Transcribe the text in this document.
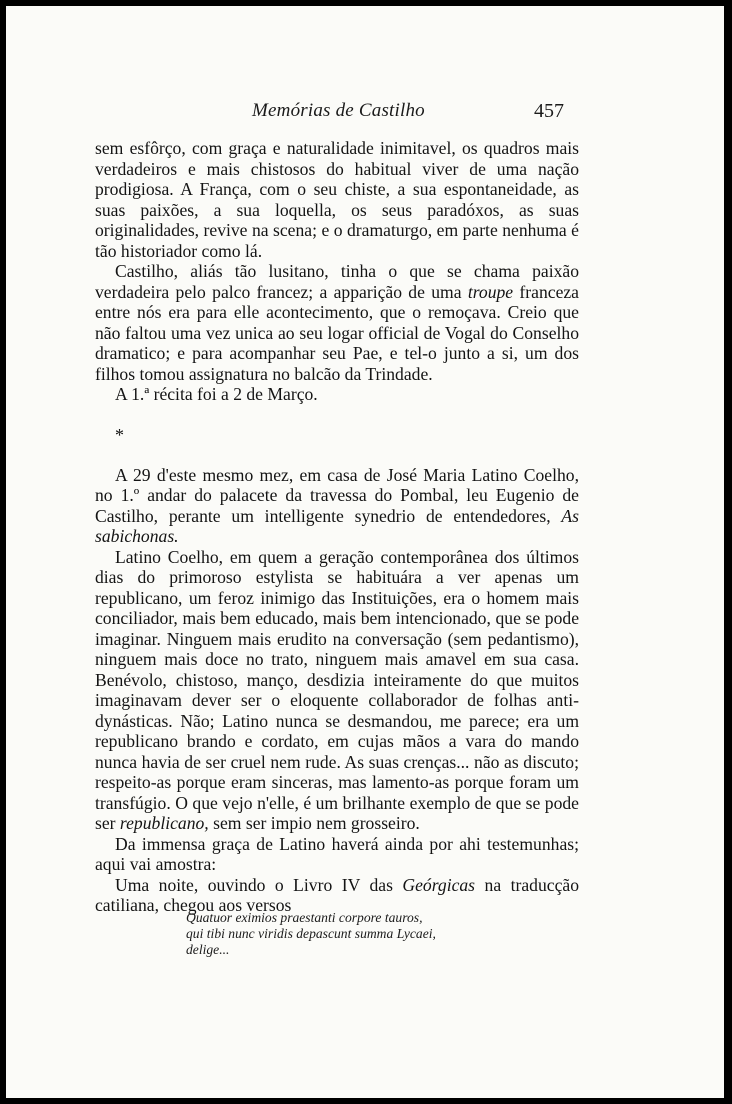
Memórias de Castilho	457

sem esfôrço, com graça e naturalidade inimitavel, os quadros mais verdadeiros e mais chistosos do habitual viver de uma nação prodigiosa. A França, com o seu chiste, a sua espontaneidade, as suas paixões, a sua loquella, os seus paradóxos, as suas originalidades, revive na scena; e o dramaturgo, em parte nenhuma é tão historiador como lá.

Castilho, aliás tão lusitano, tinha o que se chama paixão verdadeira pelo palco francez; a apparição de uma troupe franceza entre nós era para elle acontecimento, que o remoçava. Creio que não faltou uma vez unica ao seu logar official de Vogal do Conselho dramatico; e para acompanhar seu Pae, e tel-o junto a si, um dos filhos tomou assignatura no balcão da Trindade.

A 1.ª récita foi a 2 de Março.

*

A 29 d'este mesmo mez, em casa de José Maria Latino Coelho, no 1.º andar do palacete da travessa do Pombal, leu Eugenio de Castilho, perante um intelligente synedrio de entendedores, As sabichonas.

Latino Coelho, em quem a geração contemporânea dos últimos dias do primoroso estylista se habituára a ver apenas um republicano, um feroz inimigo das Instituições, era o homem mais conciliador, mais bem educado, mais bem intencionado, que se pode imaginar. Ninguem mais erudito na conversação (sem pedantismo), ninguem mais doce no trato, ninguem mais amavel em sua casa. Benévolo, chistoso, manço, desdizia inteiramente do que muitos imaginavam dever ser o eloquente collaborador de folhas anti-dynásticas. Não; Latino nunca se desmandou, me parece; era um republicano brando e cordato, em cujas mãos a vara do mando nunca havia de ser cruel nem rude. As suas crenças... não as discuto; respeito-as porque eram sinceras, mas lamento-as porque foram um transfúgio. O que vejo n'elle, é um brilhante exemplo de que se pode ser republicano, sem ser impio nem grosseiro.

Da immensa graça de Latino haverá ainda por ahi testemunhas; aqui vai amostra:

Uma noite, ouvindo o Livro IV das Geórgicas na traducção catiliana, chegou aos versos

Quatuor eximios praestanti corpore tauros,
qui tibi nunc viridis depascunt summa Lycaei,
delige...
